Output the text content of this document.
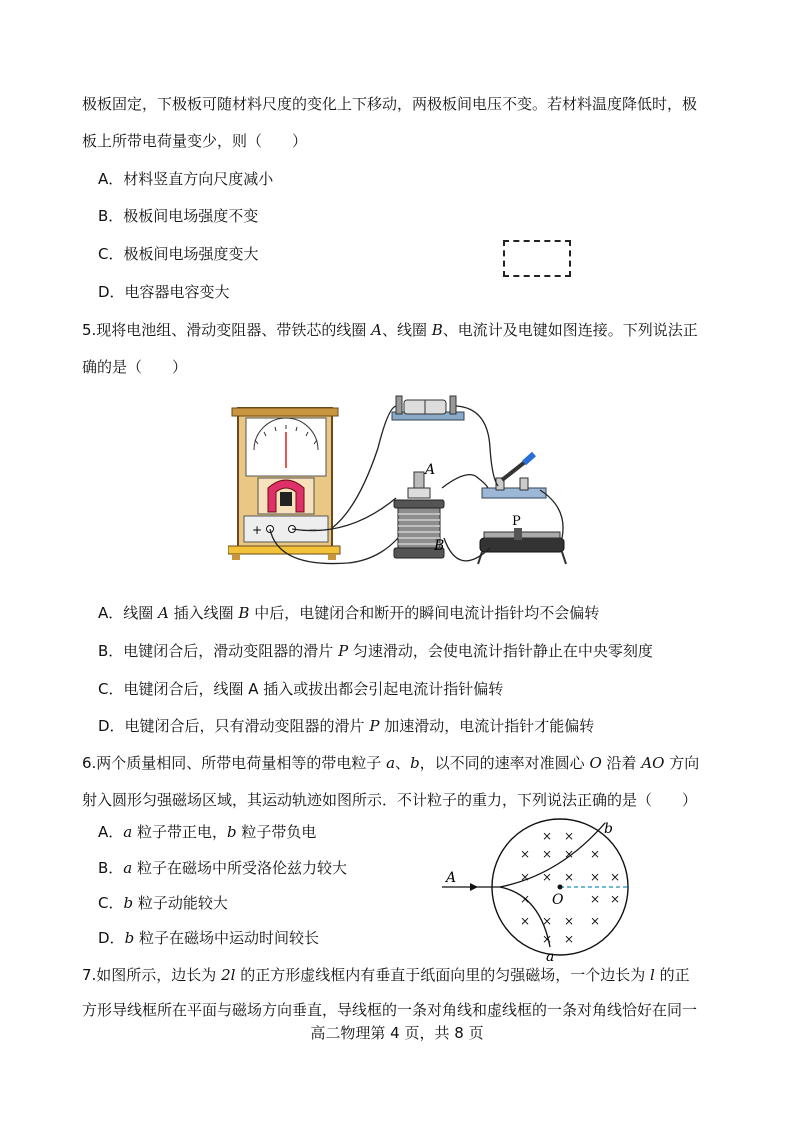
极板固定，下极板可随材料尺度的变化上下移动，两极板间电压不变。若材料温度降低时，极
板上所带电荷量变少，则（　　）
A．材料竖直方向尺度减小
B．极板间电场强度不变
C．极板间电场强度变大
D．电容器电容变大
5.现将电池组、滑动变阻器、带铁芯的线圈 A、线圈 B、电流计及电键如图连接。下列说法正
确的是（　　）
+	−
A
B
P
A．线圈 A 插入线圈 B 中后，电键闭合和断开的瞬间电流计指针均不会偏转
B．电键闭合后，滑动变阻器的滑片 P 匀速滑动，会使电流计指针静止在中央零刻度
C．电键闭合后，线圈 A 插入或拔出都会引起电流计指针偏转
D．电键闭合后，只有滑动变阻器的滑片 P 加速滑动，电流计指针才能偏转
6.两个质量相同、所带电荷量相等的带电粒子 a、b，以不同的速率对准圆心 O 沿着 AO 方向
射入圆形匀强磁场区域，其运动轨迹如图所示．不计粒子的重力，下列说法正确的是（　　）
A．a 粒子带正电，b 粒子带负电
B．a 粒子在磁场中所受洛伦兹力较大
C．b 粒子动能较大
D．b 粒子在磁场中运动时间较长
A
b
a
O
× ×
× × × ×
× × × × ×
×	× ×
× × × ×
× ×
7.如图所示，边长为 2l 的正方形虚线框内有垂直于纸面向里的匀强磁场，一个边长为 l 的正
方形导线框所在平面与磁场方向垂直，导线框的一条对角线和虚线框的一条对角线恰好在同一
高二物理第 4 页，共 8 页
